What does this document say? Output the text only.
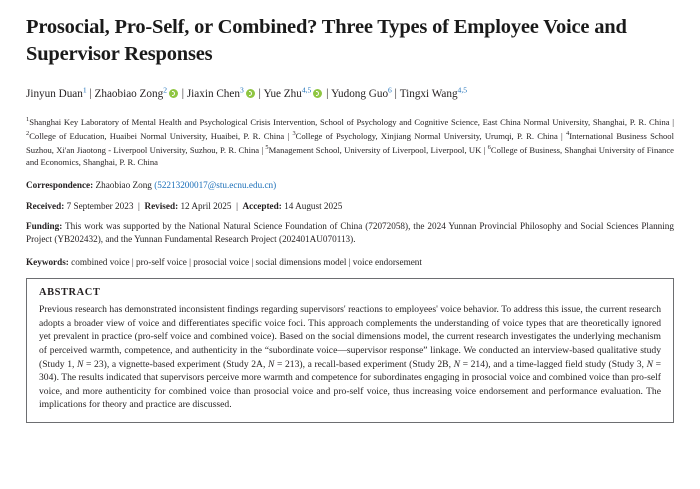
Prosocial, Pro-Self, or Combined? Three Types of Employee Voice and Supervisor Responses
Jinyun Duan$^1$ | Zhaobiao Zong$^2$ | Jiaxin Chen$^3$ | Yue Zhu$^{4,5}$ | Yudong Guo$^6$ | Tingxi Wang$^{4,5}$
$^1$Shanghai Key Laboratory of Mental Health and Psychological Crisis Intervention, School of Psychology and Cognitive Science, East China Normal University, Shanghai, P. R. China | $^2$College of Education, Huaibei Normal University, Huaibei, P. R. China | $^3$College of Psychology, Xinjiang Normal University, Urumqi, P. R. China | $^4$International Business School Suzhou, Xi'an Jiaotong - Liverpool University, Suzhou, P. R. China | $^5$Management School, University of Liverpool, Liverpool, UK | $^6$College of Business, Shanghai University of Finance and Economics, Shanghai, P. R. China
Correspondence: Zhaobiao Zong (52213200017@stu.ecnu.edu.cn)
Received: 7 September 2023  |  Revised: 12 April 2025  |  Accepted: 14 August 2025
Funding: This work was supported by the National Natural Science Foundation of China (72072058), the 2024 Yunnan Provincial Philosophy and Social Sciences Planning Project (YB202432), and the Yunnan Fundamental Research Project (202401AU070113).
Keywords: combined voice | pro-self voice | prosocial voice | social dimensions model | voice endorsement
ABSTRACT
Previous research has demonstrated inconsistent findings regarding supervisors' reactions to employees' voice behavior. To address this issue, the current research adopts a broader view of voice and differentiates specific voice foci. This approach complements the understanding of voice types that are theoretically ignored yet prevalent in practice (pro-self voice and combined voice). Based on the social dimensions model, the current research investigates the underlying mechanism of perceived warmth, competence, and authenticity in the “subordinate voice—supervisor response” linkage. We conducted an interview-based qualitative study (Study 1, N = 23), a vignette-based experiment (Study 2A, N = 213), a recall-based experiment (Study 2B, N = 214), and a time-lagged field study (Study 3, N = 304). The results indicated that supervisors perceive more warmth and competence for subordinates engaging in prosocial voice and combined voice than pro-self voice, and more authenticity for combined voice than prosocial voice and pro-self voice, thus increasing voice endorsement and performance evaluation. The implications for theory and practice are discussed.
